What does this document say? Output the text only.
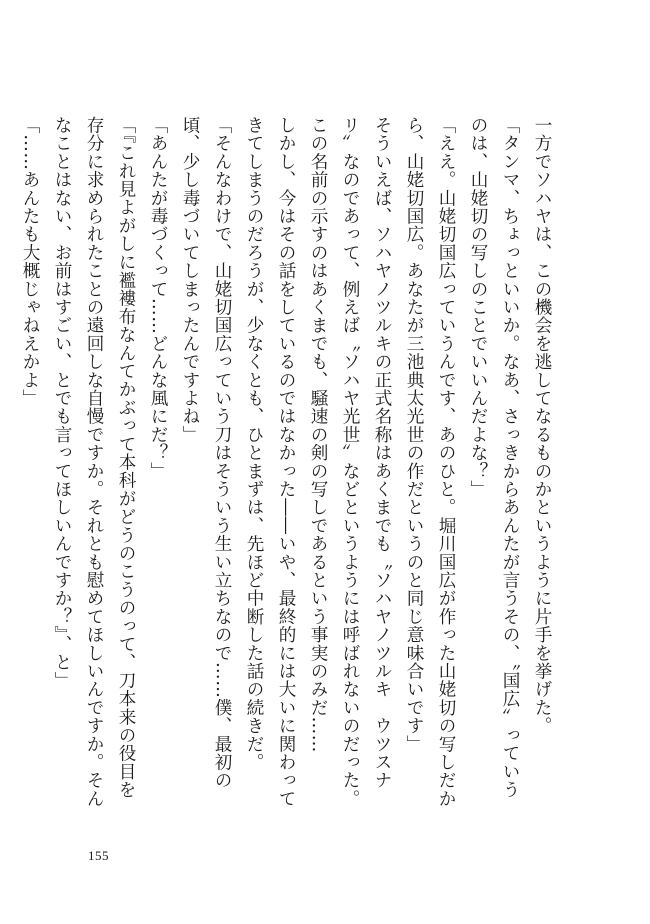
一方でソハヤは、この機会を逃してなるものかというように片手を挙げた。

「タンマ、ちょっといいか。なあ、さっきからあんたが言うその、〝国広〟っていうのは、山姥切の写しのことでいいんだよな？」

「ええ。山姥切国広っていうんです、あのひと。堀川国広が作った山姥切の写しだから、山姥切国広。あなたが三池典太光世の作だというのと同じ意味合いです」

そういえば、ソハヤノツルキの正式名称はあくまでも〝ソハヤノツルキ　ウツスナリ〟なのであって、例えば〝ソハヤ光世〟などというようには呼ばれないのだった。この名前の示すのはあくまでも、騒速の剣の写しであるという事実のみだ……

しかし、今はその話をしているのではなかった――いや、最終的には大いに関わってきてしまうのだろうが、少なくとも、ひとまずは、先ほど中断した話の続きだ。

「そんなわけで、山姥切国広っていう刀はそういう生い立ちなので……僕、最初の頃、少し毒づいてしまったんですよね」

「あんたが毒づくって……どんな風にだ？」

「『これ見よがしに襤褸布なんてかぶって本科がどうのこうのって、刀本来の役目を存分に求められたことの遠回しな自慢ですか。それとも慰めてほしいんですか。そんなことはない、お前はすごい、とでも言ってほしいんですか？』、と」

「……あんたも大概じゃねえかよ」

155
